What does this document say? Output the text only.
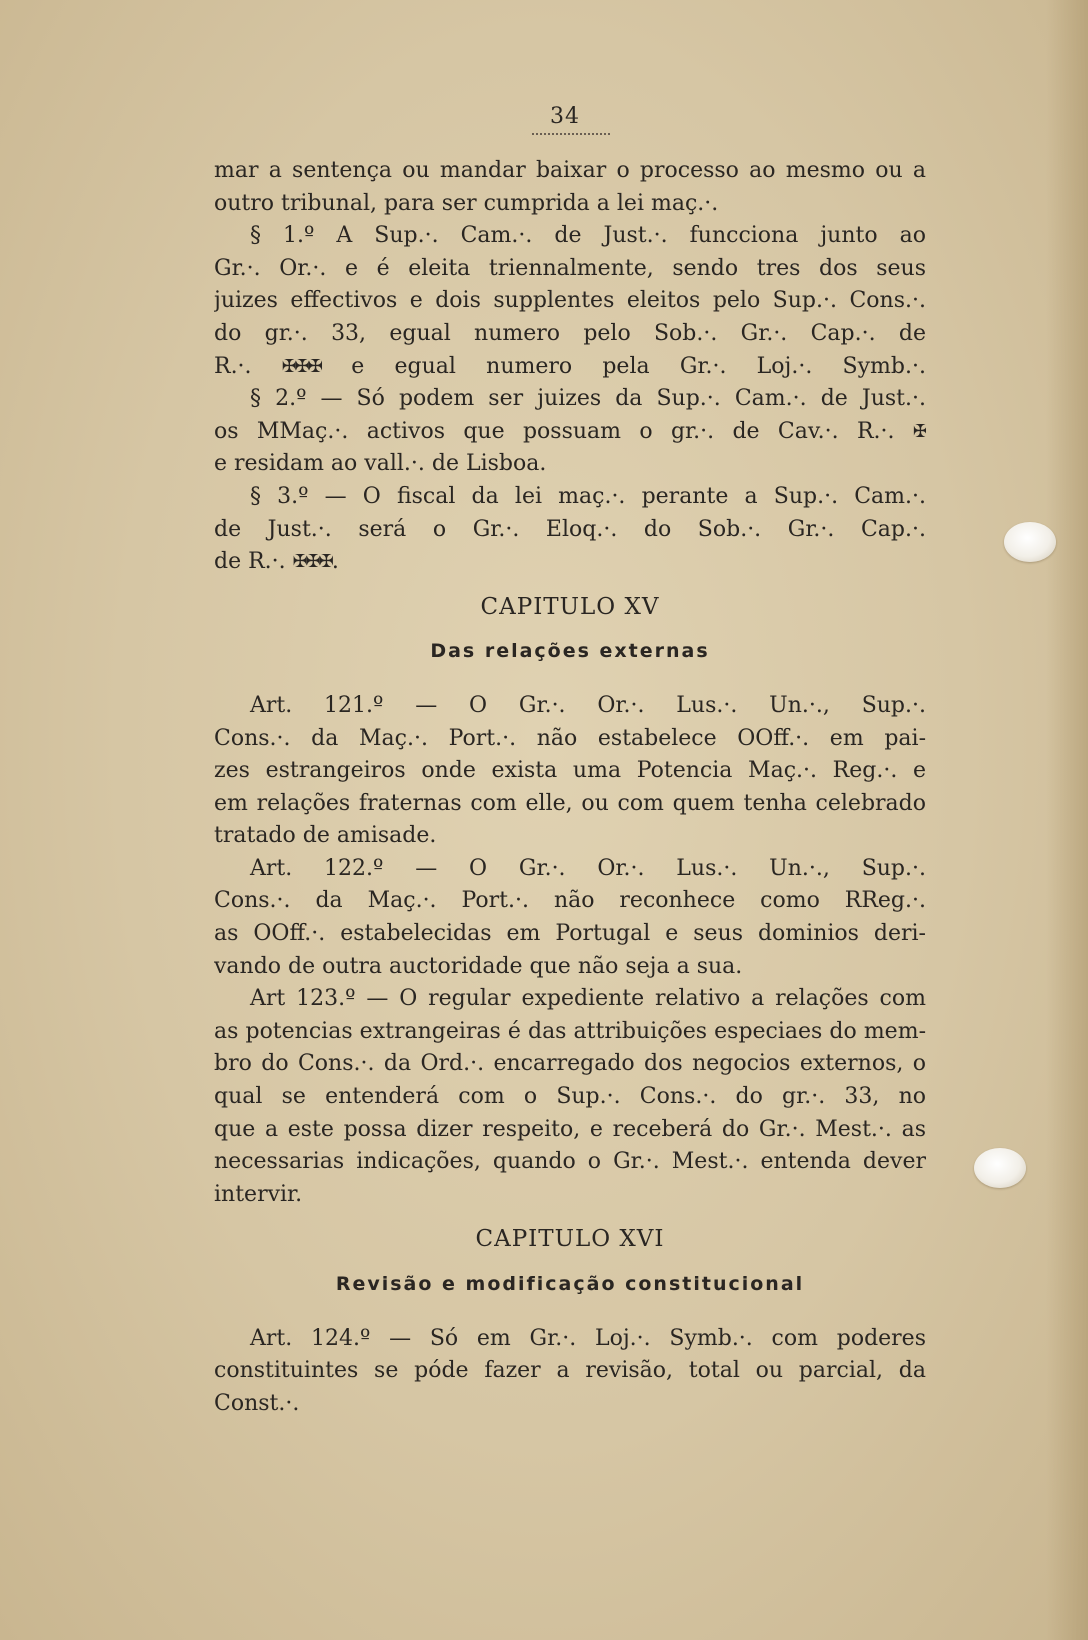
34
mar a sentença ou mandar baixar o processo ao mesmo ou a
outro tribunal, para ser cumprida a lei maç.·.
§ 1.º A Sup.·. Cam.·. de Just.·. funcciona junto ao
Gr.·. Or.·. e é eleita triennalmente, sendo tres dos seus
juizes effectivos e dois supplentes eleitos pelo Sup.·. Cons.·.
do gr.·. 33, egual numero pelo Sob.·. Gr.·. Cap.·. de
R.·. ✠✠✠ e egual numero pela Gr.·. Loj.·. Symb.·.
§ 2.º — Só podem ser juizes da Sup.·. Cam.·. de Just.·.
os MMaç.·. activos que possuam o gr.·. de Cav.·. R.·. ✠
e residam ao vall.·. de Lisboa.
§ 3.º — O fiscal da lei maç.·. perante a Sup.·. Cam.·.
de Just.·. será o Gr.·. Eloq.·. do Sob.·. Gr.·. Cap.·.
de R.·. ✠✠✠.
CAPITULO XV
Das relações externas
Art. 121.º — O Gr.·. Or.·. Lus.·. Un.·., Sup.·.
Cons.·. da Maç.·. Port.·. não estabelece OOff.·. em pai-
zes estrangeiros onde exista uma Potencia Maç.·. Reg.·. e
em relações fraternas com elle, ou com quem tenha celebrado
tratado de amisade.
Art. 122.º — O Gr.·. Or.·. Lus.·. Un.·., Sup.·.
Cons.·. da Maç.·. Port.·. não reconhece como RReg.·.
as OOff.·. estabelecidas em Portugal e seus dominios deri-
vando de outra auctoridade que não seja a sua.
Art 123.º — O regular expediente relativo a relações com
as potencias extrangeiras é das attribuições especiaes do mem-
bro do Cons.·. da Ord.·. encarregado dos negocios externos, o
qual se entenderá com o Sup.·. Cons.·. do gr.·. 33, no
que a este possa dizer respeito, e receberá do Gr.·. Mest.·. as
necessarias indicações, quando o Gr.·. Mest.·. entenda dever
intervir.
CAPITULO XVI
Revisão e modificação constitucional
Art. 124.º — Só em Gr.·. Loj.·. Symb.·. com poderes
constituintes se póde fazer a revisão, total ou parcial, da
Const.·.
